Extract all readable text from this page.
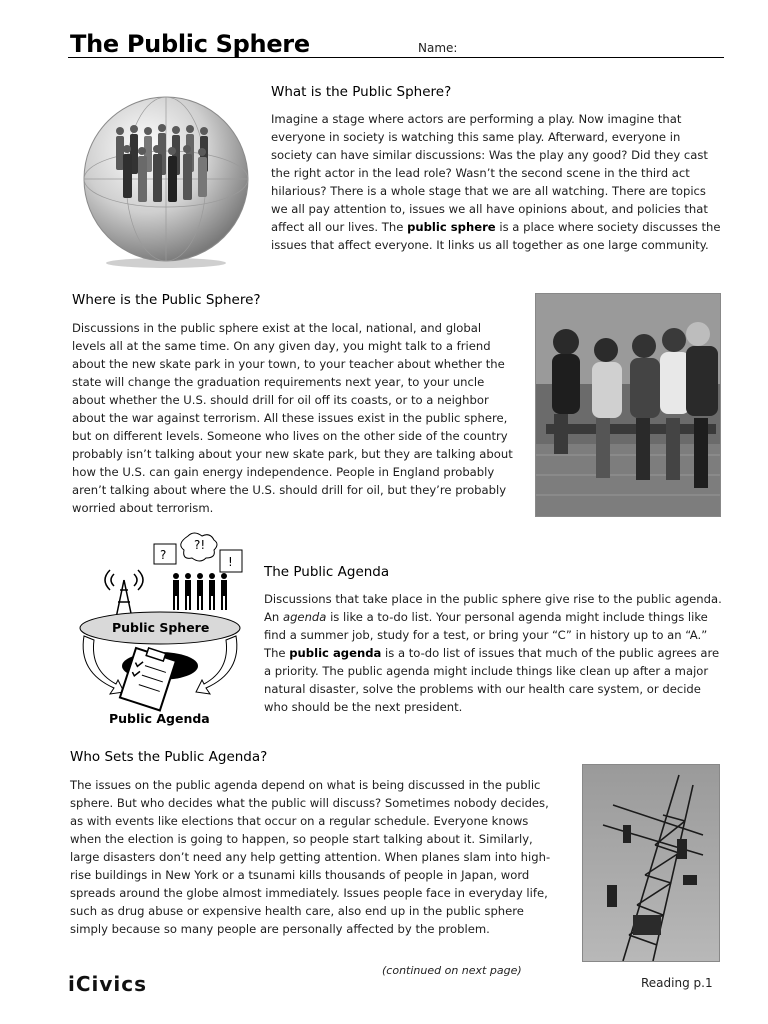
The Public Sphere	Name:
What is the Public Sphere?

Imagine a stage where actors are performing a play. Now imagine that everyone in society is watching this same play. Afterward, everyone in society can have similar discussions: Was the play any good? Did they cast the right actor in the lead role? Wasn’t the second scene in the third act hilarious? There is a whole stage that we are all watching. There are topics we all pay attention to, issues we all have opinions about, and policies that affect all our lives. The public sphere is a place where society discusses the issues that affect everyone. It links us all together as one large community.

Where is the Public Sphere?

Discussions in the public sphere exist at the local, national, and global levels all at the same time. On any given day, you might talk to a friend about the new skate park in your town, to your teacher about whether the state will change the graduation requirements next year, to your uncle about whether the U.S. should drill for oil off its coasts, or to a neighbor about the war against terrorism. All these issues exist in the public sphere, but on different levels. Someone who lives on the other side of the country probably isn’t talking about your new skate park, but they are talking about how the U.S. can gain energy independence. People in England probably aren’t talking about where the U.S. should drill for oil, but they’re probably worried about terrorism.

?
?!
!
Public Sphere
Public Agenda
The Public Agenda

Discussions that take place in the public sphere give rise to the public agenda. An agenda is like a to-do list. Your personal agenda might include things like find a summer job, study for a test, or bring your “C” in history up to an “A.” The public agenda is a to-do list of issues that much of the public agrees are a priority. The public agenda might include things like clean up after a major natural disaster, solve the problems with our health care system, or decide who should be the next president.

Who Sets the Public Agenda?

The issues on the public agenda depend on what is being discussed in the public sphere. But who decides what the public will discuss? Sometimes nobody decides, as with events like elections that occur on a regular schedule. Everyone knows when the election is going to happen, so people start talking about it. Similarly, large disasters don’t need any help getting attention. When planes slam into high-rise buildings in New York or a tsunami kills thousands of people in Japan, word spreads around the globe almost immediately. Issues people face in everyday life, such as drug abuse or expensive health care, also end up in the public sphere simply because so many people are personally affected by the problem.

iCivics
(continued on next page)
Reading p.1
